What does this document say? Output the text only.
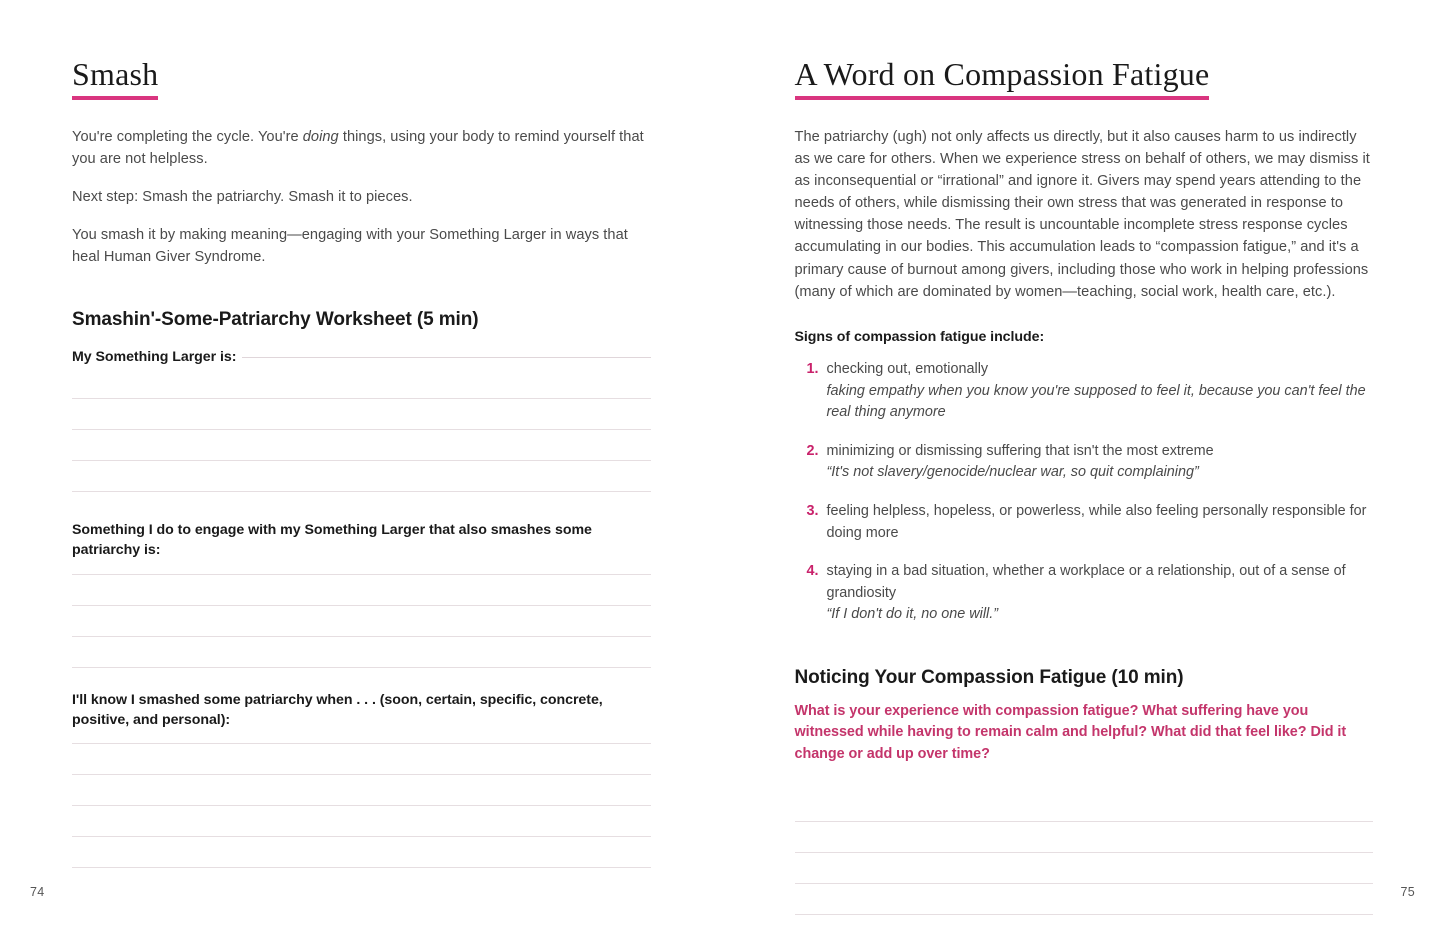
Smash

You're completing the cycle. You're doing things, using your body to remind yourself that you are not helpless.

Next step: Smash the patriarchy. Smash it to pieces.

You smash it by making meaning—engaging with your Something Larger in ways that heal Human Giver Syndrome.

Smashin'-Some-Patriarchy Worksheet (5 min)
My Something Larger is:
Something I do to engage with my Something Larger that also smashes some patriarchy is:
I'll know I smashed some patriarchy when . . . (soon, certain, specific, concrete, positive, and personal):
74
A Word on Compassion Fatigue

The patriarchy (ugh) not only affects us directly, but it also causes harm to us indirectly as we care for others. When we experience stress on behalf of others, we may dismiss it as inconsequential or “irrational” and ignore it. Givers may spend years attending to the needs of others, while dismissing their own stress that was generated in response to witnessing those needs. The result is uncountable incomplete stress response cycles accumulating in our bodies. This accumulation leads to “compassion fatigue,” and it's a primary cause of burnout among givers, including those who work in helping professions (many of which are dominated by women—teaching, social work, health care, etc.).

Signs of compassion fatigue include:
1. checking out, emotionally
faking empathy when you know you're supposed to feel it, because you can't feel the real thing anymore
2. minimizing or dismissing suffering that isn't the most extreme
“It's not slavery/genocide/nuclear war, so quit complaining”
3. feeling helpless, hopeless, or powerless, while also feeling personally responsible for doing more
4. staying in a bad situation, whether a workplace or a relationship, out of a sense of grandiosity
“If I don't do it, no one will.”
Noticing Your Compassion Fatigue (10 min)

What is your experience with compassion fatigue? What suffering have you witnessed while having to remain calm and helpful? What did that feel like? Did it change or add up over time?

75
